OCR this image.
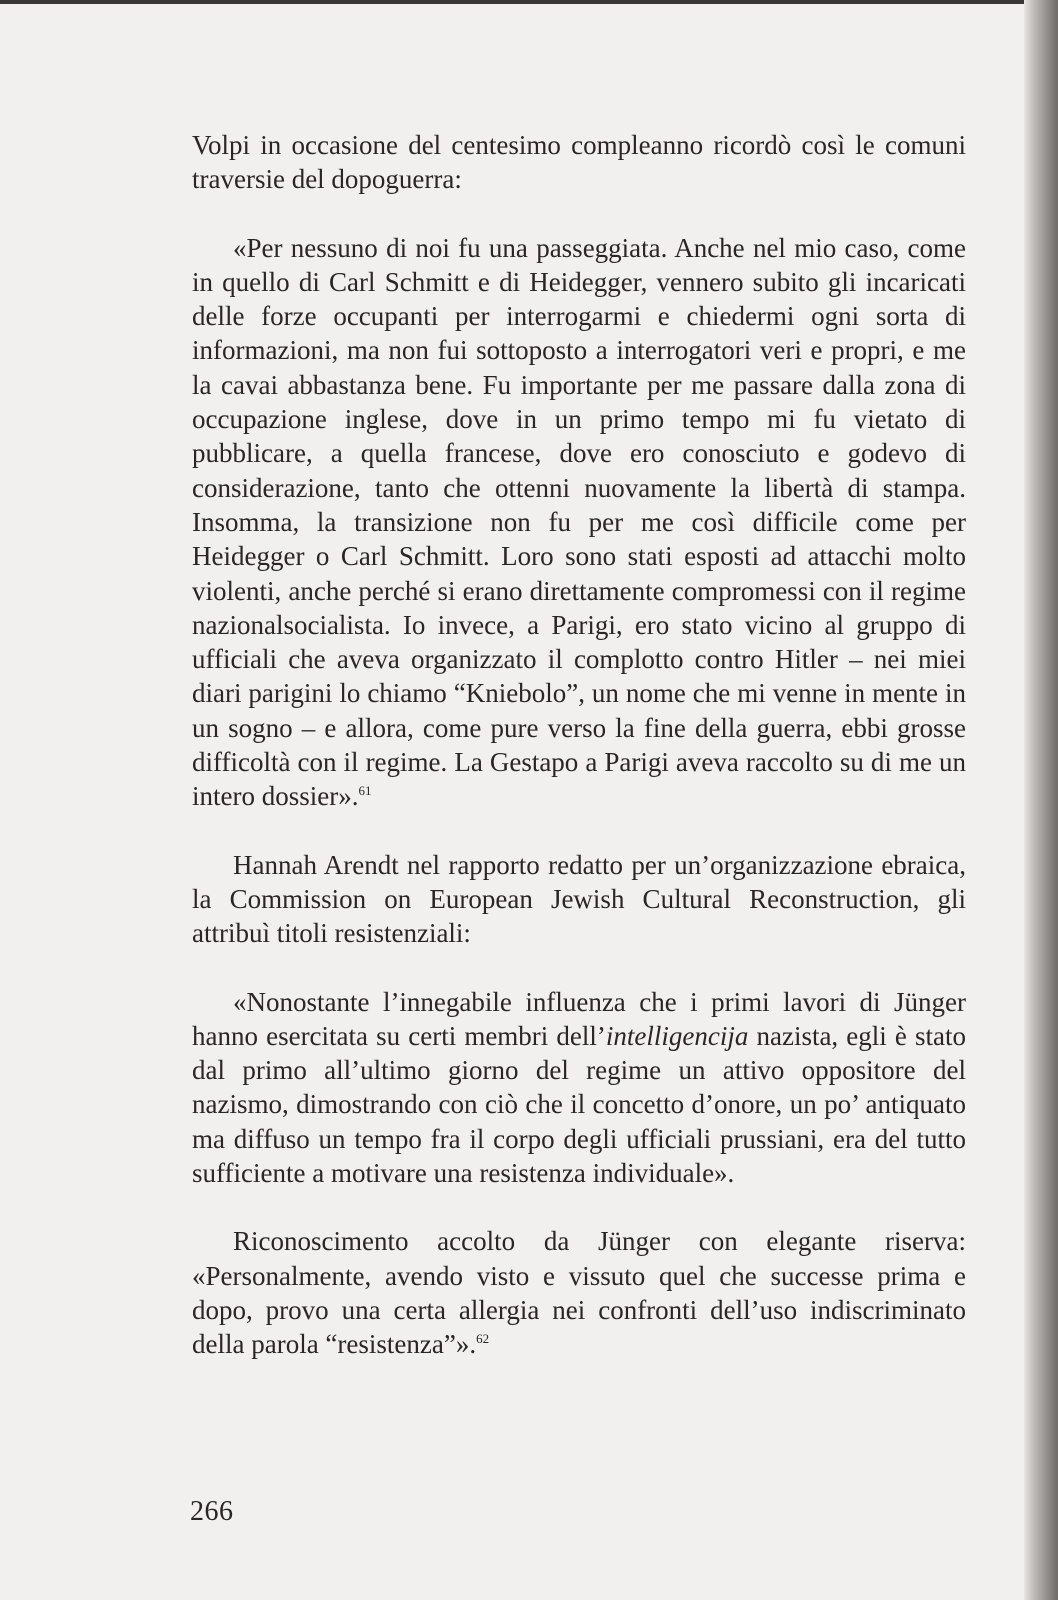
Volpi in occasione del centesimo compleanno ricordò così le comuni traversie del dopoguerra:

«Per nessuno di noi fu una passeggiata. Anche nel mio caso, come in quello di Carl Schmitt e di Heidegger, vennero subito gli incaricati delle forze occupanti per interrogarmi e chiedermi ogni sorta di informazioni, ma non fui sottoposto a interrogatori veri e propri, e me la cavai abbastanza bene. Fu importante per me passare dalla zona di occupazione inglese, dove in un primo tempo mi fu vietato di pubblicare, a quella francese, dove ero conosciuto e godevo di considerazione, tanto che ottenni nuovamente la libertà di stampa. Insomma, la transizione non fu per me così difficile come per Heidegger o Carl Schmitt. Loro sono stati esposti ad attacchi molto violenti, anche perché si erano direttamente compromessi con il regime nazionalsocialista. Io invece, a Parigi, ero stato vicino al gruppo di ufficiali che aveva organizzato il complotto contro Hitler – nei miei diari parigini lo chiamo “Kniebolo”, un nome che mi venne in mente in un sogno – e allora, come pure verso la fine della guerra, ebbi grosse difficoltà con il regime. La Gestapo a Parigi aveva raccolto su di me un intero dossier».$^{61}$

Hannah Arendt nel rapporto redatto per un’organizzazione ebraica, la Commission on European Jewish Cultural Reconstruction, gli attribuì titoli resistenziali:

«Nonostante l’innegabile influenza che i primi lavori di Jünger hanno esercitata su certi membri dell’intelligencija nazista, egli è stato dal primo all’ultimo giorno del regime un attivo oppositore del nazismo, dimostrando con ciò che il concetto d’onore, un po’ antiquato ma diffuso un tempo fra il corpo degli ufficiali prussiani, era del tutto sufficiente a motivare una resistenza individuale».

Riconoscimento accolto da Jünger con elegante riserva: «Personalmente, avendo visto e vissuto quel che successe prima e dopo, provo una certa allergia nei confronti dell’uso indiscriminato della parola “resistenza”».$^{62}$

266
